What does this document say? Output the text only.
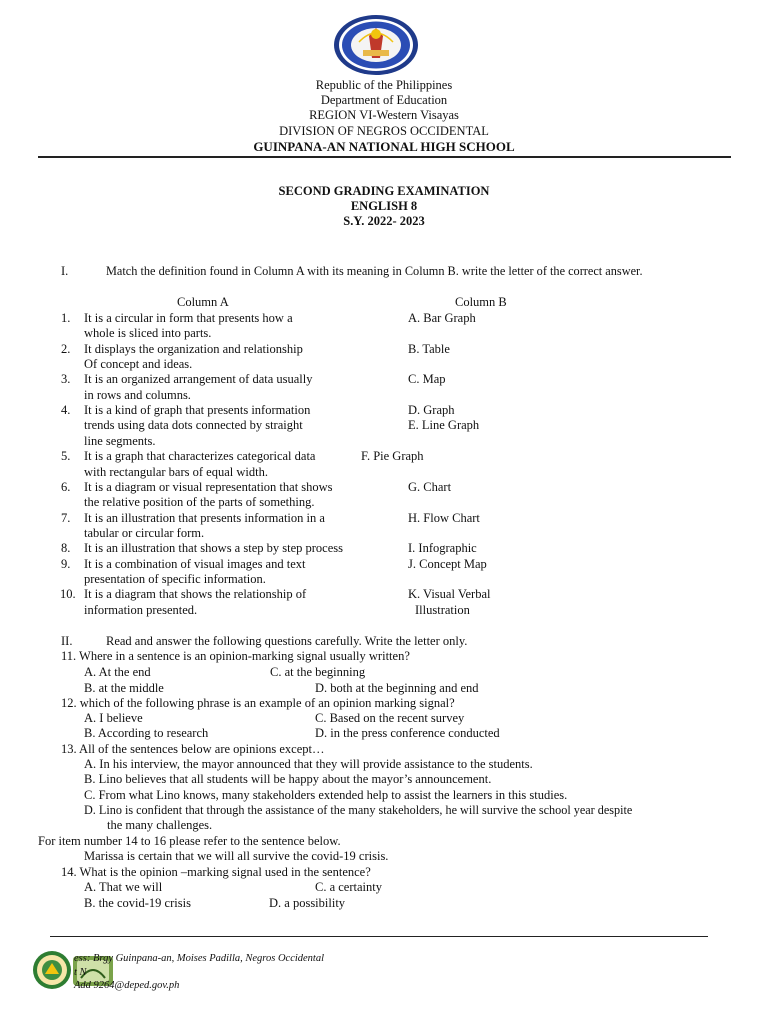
Republic of the Philippines
Department of Education
REGION VI-Western Visayas
DIVISION OF NEGROS OCCIDENTAL
GUINPANA-AN NATIONAL HIGH SCHOOL
SECOND GRADING EXAMINATION
ENGLISH 8
S.Y. 2022- 2023
I.	Match the definition found in Column A with its meaning in Column B. write the letter of the correct answer.
Column A	Column B
1. It is a circular in form that presents how a	A. Bar Graph
whole is sliced into parts.
2. It displays the organization and relationship	B. Table
Of concept and ideas.
3. It is an organized arrangement of data usually	C. Map
in rows and columns.
4. It is a kind of graph that presents information	D. Graph
trends using data dots connected by straight	E. Line Graph
line segments.
5. It is a graph that characterizes categorical data	F. Pie Graph
with rectangular bars of equal width.
6. It is a diagram or visual representation that shows	G. Chart
the relative position of the parts of something.
7. It is an illustration that presents information in a	H. Flow Chart
tabular or circular form.
8. It is an illustration that shows a step by step process	I. Infographic
9. It is a combination of visual images and text	J. Concept Map
presentation of specific information.
10. It is a diagram that shows the relationship of	K. Visual Verbal
information presented.	Illustration
II.	Read and answer the following questions carefully. Write the letter only.
11. Where in a sentence is an opinion-marking signal usually written?
A. At the end	C. at the beginning
B. at the middle	D. both at the beginning and end
12. which of the following phrase is an example of an opinion marking signal?
A. I believe	C. Based on the recent survey
B. According to research	D. in the press conference conducted
13. All of the sentences below are opinions except…
A. In his interview, the mayor announced that they will provide assistance to the students.
B. Lino believes that all students will be happy about the mayor’s announcement.
C. From what Lino knows, many stakeholders extended help to assist the learners in this studies.
D. Lino is confident that through the assistance of the many stakeholders, he will survive the school year despite
the many challenges.
For item number 14 to 16 please refer to the sentence below.
Marissa is certain that we will all survive the covid-19 crisis.
14. What is the opinion –marking signal used in the sentence?
A. That we will	C. a certainty
B. the covid-19 crisis	D. a possibility
ess: Brgy Guinpana-an, Moises Padilla, Negros Occidental
t N
Add 9264@deped.gov.ph
